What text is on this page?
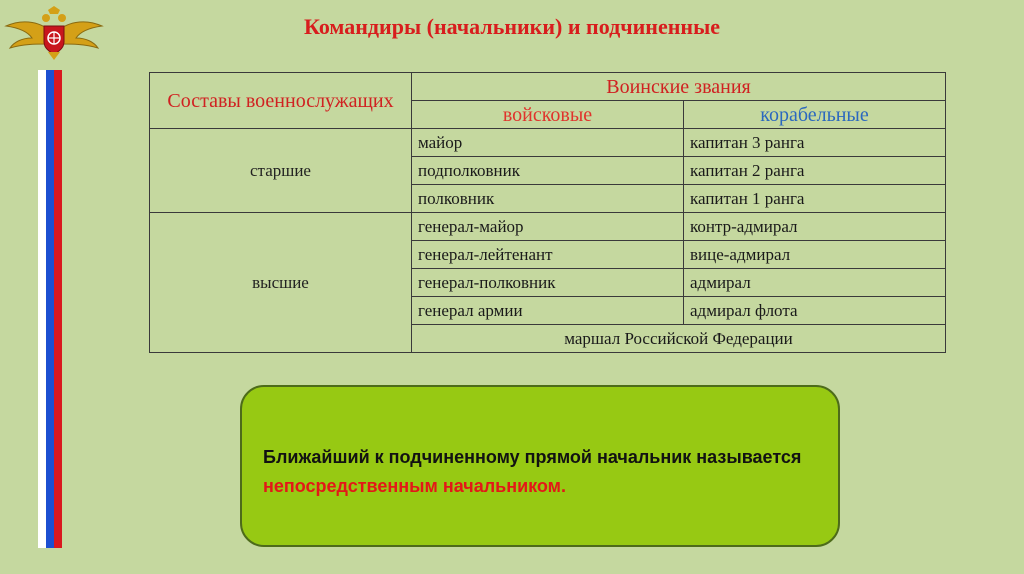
Командиры (начальники) и подчиненные
Составы военнослужащих	Воинские звания	
	войсковые	корабельные
старшие	майор	капитан 3 ранга
	подполковник	капитан 2 ранга
	полковник	капитан 1 ранга
высшие	генерал-майор	контр-адмирал
	генерал-лейтенант	вице-адмирал
	генерал-полковник	адмирал
	генерал армии	адмирал флота
	маршал Российской Федерации	

Ближайший к подчиненному прямой начальник называется непосредственным начальником.
